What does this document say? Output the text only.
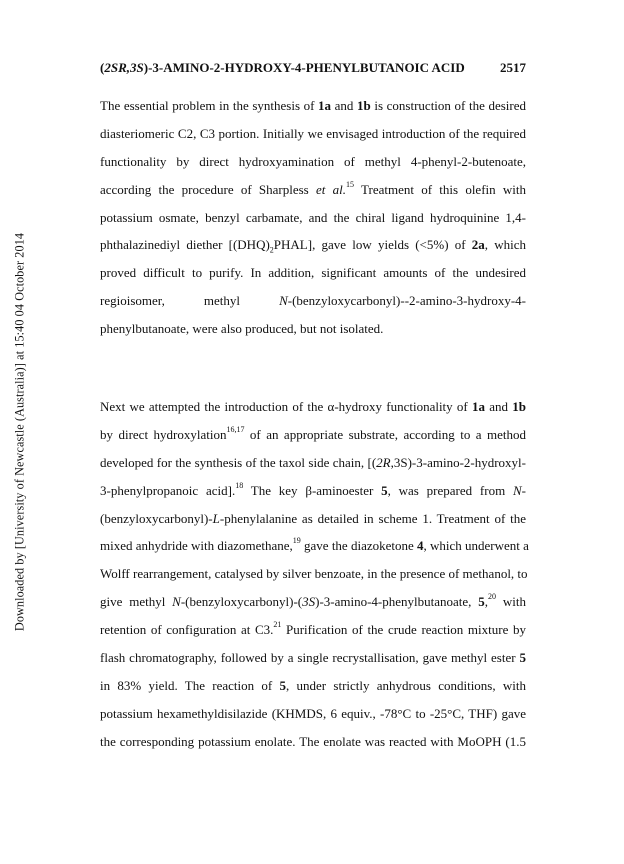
Downloaded by [University of Newcastle (Australia)] at 15:40 04 October 2014
(2SR,3S)-3-AMINO-2-HYDROXY-4-PHENYLBUTANOIC ACID	2517
The essential problem in the synthesis of 1a and 1b is construction of the desired
diasteriomeric C2, C3 portion. Initially we envisaged introduction of the required
functionality by direct hydroxyamination of methyl 4-phenyl-2-butenoate,
according the procedure of Sharpless et al.$^{15}$ Treatment of this olefin with
potassium osmate, benzyl carbamate, and the chiral ligand hydroquinine 1,4-
phthalazinediyl diether $[(DHQ)_2PHAL]$, gave low yields (<5%) of 2a, which
proved difficult to purify. In addition, significant amounts of the undesired
regioisomer, methyl N-(benzyloxycarbonyl)--2-amino-3-hydroxy-4-
phenylbutanoate, were also produced, but not isolated.
Next we attempted the introduction of the α-hydroxy functionality of 1a and 1b
by direct hydroxylation$^{16,17}$ of an appropriate substrate, according to a method
developed for the synthesis of the taxol side chain, [(2R,3S)-3-amino-2-hydroxyl-
3-phenylpropanoic acid].$^{18}$ The key β-aminoester 5, was prepared from N-
(benzyloxycarbonyl)-L-phenylalanine as detailed in scheme 1. Treatment of the
mixed anhydride with diazomethane,$^{19}$ gave the diazoketone 4, which underwent a
Wolff rearrangement, catalysed by silver benzoate, in the presence of methanol, to
give methyl N-(benzyloxycarbonyl)-(3S)-3-amino-4-phenylbutanoate, 5,20 with
retention of configuration at C3.21 Purification of the crude reaction mixture by
flash chromatography, followed by a single recrystallisation, gave methyl ester 5
in 83% yield. The reaction of 5, under strictly anhydrous conditions, with
potassium hexamethyldisilazide (KHMDS, 6 equiv., -78°C to -25°C, THF) gave
the corresponding potassium enolate. The enolate was reacted with MoOPH (1.5
